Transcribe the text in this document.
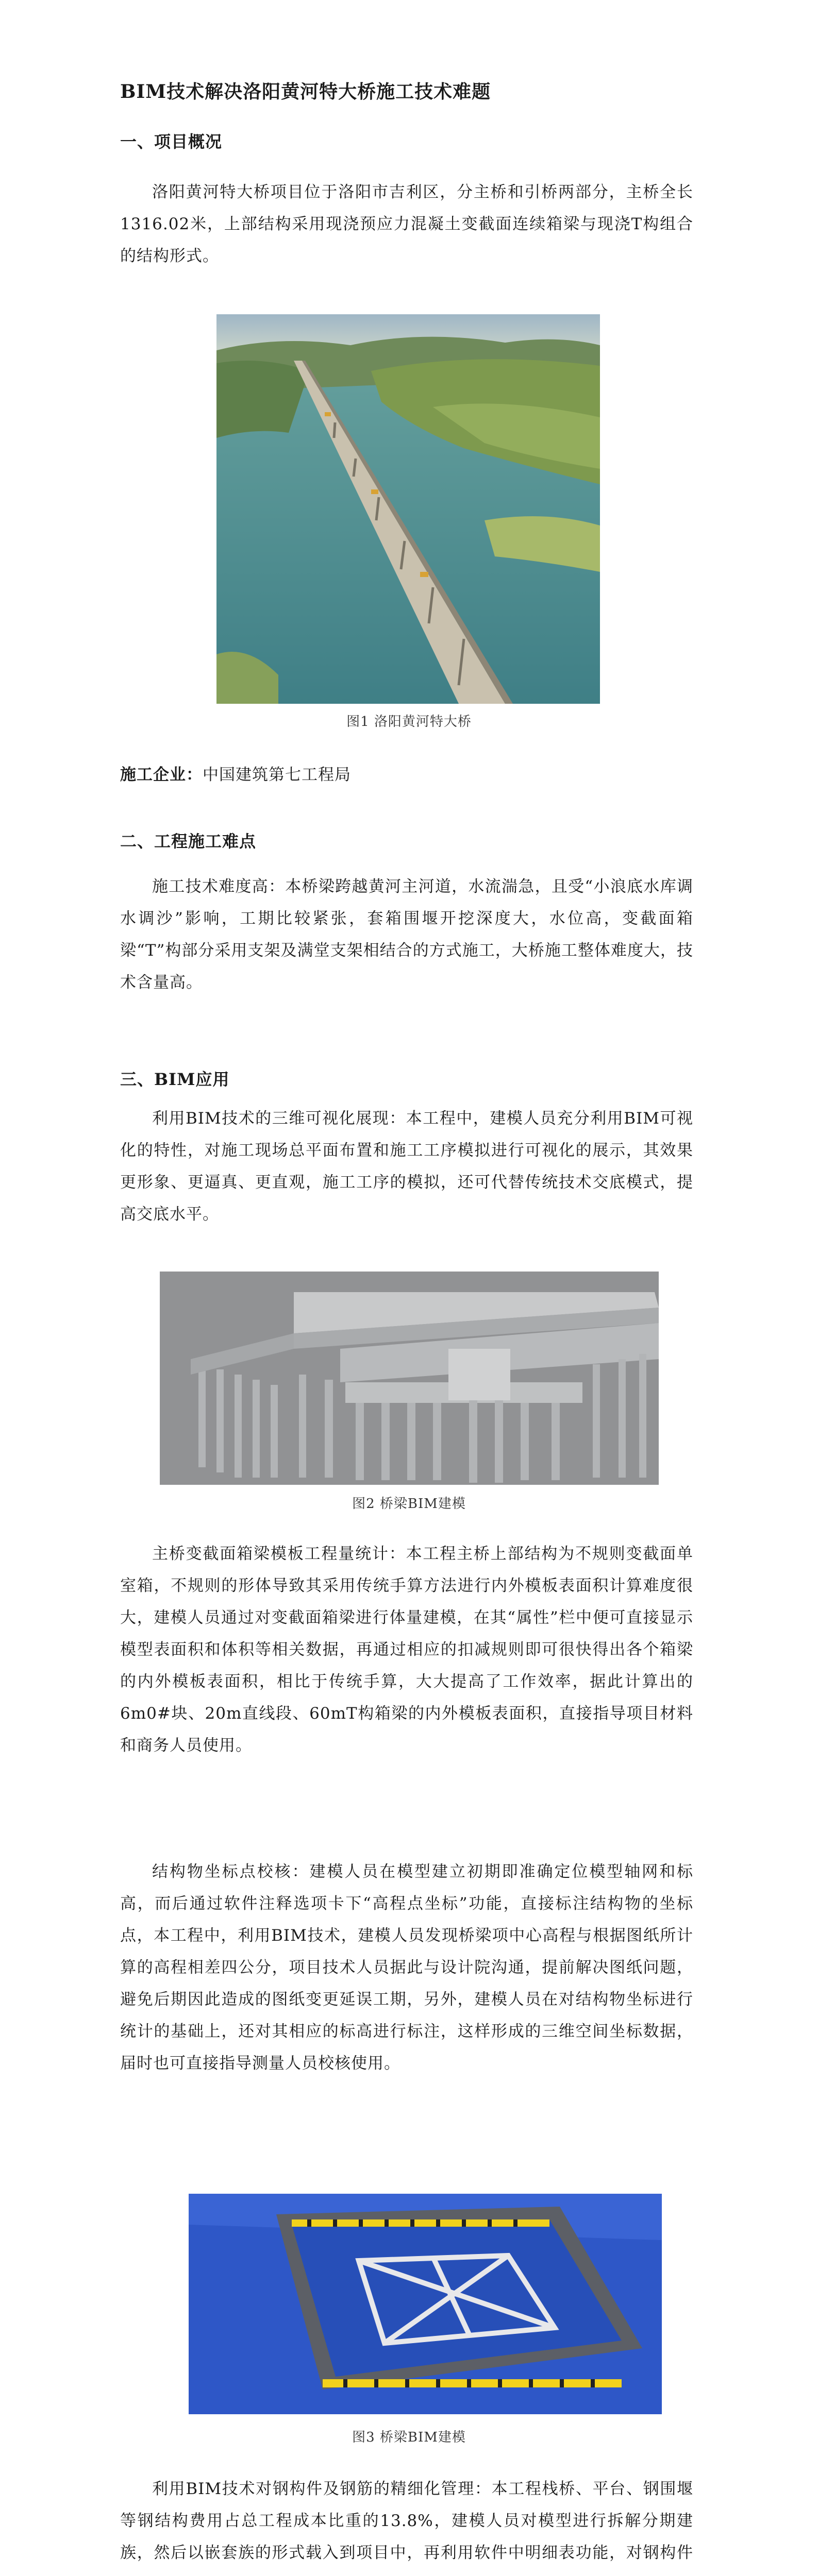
BIM技术解决洛阳黄河特大桥施工技术难题
一、项目概况

洛阳黄河特大桥项目位于洛阳市吉利区，分主桥和引桥两部分，主桥全长1316.02米，上部结构采用现浇预应力混凝土变截面连续箱梁与现浇T构组合的结构形式。

图1 洛阳黄河特大桥
施工企业：中国建筑第七工程局
二、工程施工难点

施工技术难度高：本桥梁跨越黄河主河道，水流湍急，且受“小浪底水库调水调沙”影响，工期比较紧张，套箱围堰开挖深度大，水位高，变截面箱梁“T”构部分采用支架及满堂支架相结合的方式施工，大桥施工整体难度大，技术含量高。

三、BIM应用

利用BIM技术的三维可视化展现：本工程中，建模人员充分利用BIM可视化的特性，对施工现场总平面布置和施工工序模拟进行可视化的展示，其效果更形象、更逼真、更直观，施工工序的模拟，还可代替传统技术交底模式，提高交底水平。

图2 桥梁BIM建模

主桥变截面箱梁模板工程量统计：本工程主桥上部结构为不规则变截面单室箱，不规则的形体导致其采用传统手算方法进行内外模板表面积计算难度很大，建模人员通过对变截面箱梁进行体量建模，在其“属性”栏中便可直接显示模型表面积和体积等相关数据，再通过相应的扣减规则即可很快得出各个箱梁的内外模板表面积，相比于传统手算，大大提高了工作效率，据此计算出的6m0#块、20m直线段、60mT构箱梁的内外模板表面积，直接指导项目材料和商务人员使用。

结构物坐标点校核：建模人员在模型建立初期即准确定位模型轴网和标高，而后通过软件注释选项卡下“高程点坐标”功能，直接标注结构物的坐标点，本工程中，利用BIM技术，建模人员发现桥梁项中心高程与根据图纸所计算的高程相差四公分，项目技术人员据此与设计院沟通，提前解决图纸问题，避免后期因此造成的图纸变更延误工期，另外，建模人员在对结构物坐标进行统计的基础上，还对其相应的标高进行标注，这样形成的三维空间坐标数据，届时也可直接指导测量人员校核使用。

图3 桥梁BIM建模

利用BIM技术对钢构件及钢筋的精细化管理：本工程栈桥、平台、钢围堰等钢结构费用占总工程成本比重的13.8%，建模人员对模型进行拆解分期建族，然后以嵌套族的形式载入到项目中，再利用软件中明细表功能，对钢构件
